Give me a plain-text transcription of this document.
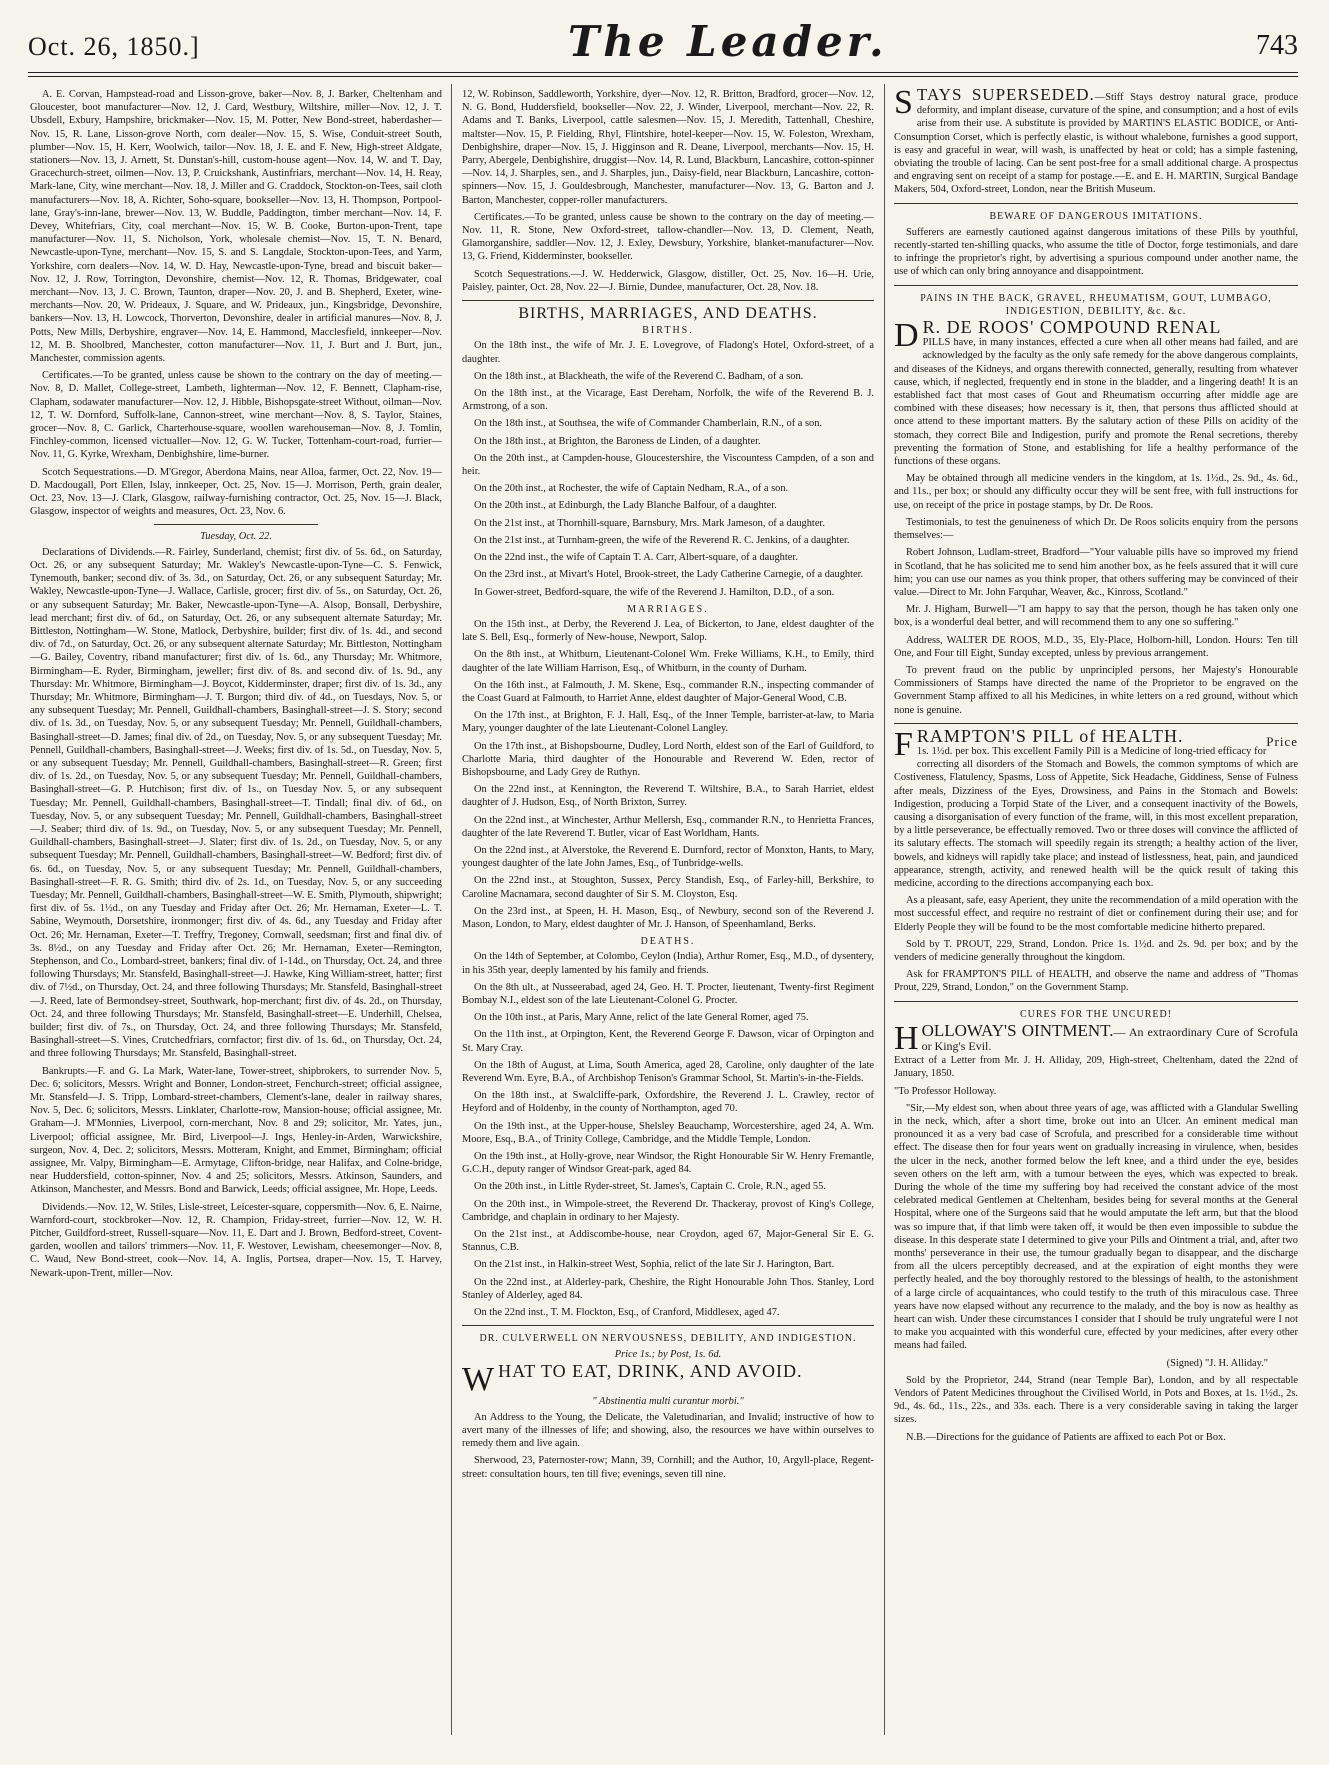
Oct. 26, 1850.]	The Leader.	743

A. E. Corvan, Hampstead-road and Lisson-grove, baker—Nov. 8, J. Barker, Cheltenham and Gloucester, boot manufacturer—Nov. 12, J. Card, Westbury, Wiltshire, miller—Nov. 12, J. T. Ubsdell, Exbury, Hampshire, brickmaker—Nov. 15, M. Potter, New Bond-street, haberdasher—Nov. 15, R. Lane, Lisson-grove North, corn dealer—Nov. 15, S. Wise, Conduit-street South, plumber—Nov. 15, H. Kerr, Woolwich, tailor—Nov. 18, J. E. and F. New, High-street Aldgate, stationers—Nov. 13, J. Arnett, St. Dunstan's-hill, custom-house agent—Nov. 14, W. and T. Day, Gracechurch-street, oilmen—Nov. 13, P. Cruickshank, Austinfriars, merchant—Nov. 14, H. Reay, Mark-lane, City, wine merchant—Nov. 18, J. Miller and G. Craddock, Stockton-on-Tees, sail cloth manufacturers—Nov. 18, A. Richter, Soho-square, bookseller—Nov. 13, H. Thompson, Portpool-lane, Gray's-inn-lane, brewer—Nov. 13, W. Buddle, Paddington, timber merchant—Nov. 14, F. Devey, Whitefriars, City, coal merchant—Nov. 15, W. B. Cooke, Burton-upon-Trent, tape manufacturer—Nov. 11, S. Nicholson, York, wholesale chemist—Nov. 15, T. N. Benard, Newcastle-upon-Tyne, merchant—Nov. 15, S. and S. Langdale, Stockton-upon-Tees, and Yarm, Yorkshire, corn dealers—Nov. 14, W. D. Hay, Newcastle-upon-Tyne, bread and biscuit baker—Nov. 12, J. Row, Torrington, Devonshire, chemist—Nov. 12, R. Thomas, Bridgewater, coal merchant—Nov. 13, J. C. Brown, Taunton, draper—Nov. 20, J. and B. Shepherd, Exeter, wine-merchants—Nov. 20, W. Prideaux, J. Square, and W. Prideaux, jun., Kingsbridge, Devonshire, bankers—Nov. 13, H. Lowcock, Thorverton, Devonshire, dealer in artificial manures—Nov. 8, J. Potts, New Mills, Derbyshire, engraver—Nov. 14, E. Hammond, Macclesfield, innkeeper—Nov. 12, M. B. Shoolbred, Manchester, cotton manufacturer—Nov. 11, J. Burt and J. Burt, jun., Manchester, commission agents.

Certificates.—To be granted, unless cause be shown to the contrary on the day of meeting.—Nov. 8, D. Mallet, College-street, Lambeth, lighterman—Nov. 12, F. Bennett, Clapham-rise, Clapham, sodawater manufacturer—Nov. 12, J. Hibble, Bishopsgate-street Without, oilman—Nov. 12, T. W. Dornford, Suffolk-lane, Cannon-street, wine merchant—Nov. 8, S. Taylor, Staines, grocer—Nov. 8, C. Garlick, Charterhouse-square, woollen warehouseman—Nov. 8, J. Tomlin, Finchley-common, licensed victualler—Nov. 12, G. W. Tucker, Tottenham-court-road, furrier—Nov. 11, G. Kyrke, Wrexham, Denbighshire, lime-burner.

Scotch Sequestrations.—D. M'Gregor, Aberdona Mains, near Alloa, farmer, Oct. 22, Nov. 19—D. Macdougall, Port Ellen, Islay, innkeeper, Oct. 25, Nov. 15—J. Morrison, Perth, grain dealer, Oct. 23, Nov. 13—J. Clark, Glasgow, railway-furnishing contractor, Oct. 25, Nov. 15—J. Black, Glasgow, inspector of weights and measures, Oct. 23, Nov. 6.

Tuesday, Oct. 22.

Declarations of Dividends.—R. Fairley, Sunderland, chemist; first div. of 5s. 6d., on Saturday, Oct. 26, or any subsequent Saturday; Mr. Wakley's Newcastle-upon-Tyne—C. S. Fenwick, Tynemouth, banker; second div. of 3s. 3d., on Saturday, Oct. 26, or any subsequent Saturday; Mr. Wakley, Newcastle-upon-Tyne—J. Wallace, Carlisle, grocer; first div. of 5s., on Saturday, Oct. 26, or any subsequent Saturday; Mr. Baker, Newcastle-upon-Tyne—A. Alsop, Bonsall, Derbyshire, lead merchant; first div. of 6d., on Saturday, Oct. 26, or any subsequent alternate Saturday; Mr. Bittleston, Nottingham—W. Stone, Matlock, Derbyshire, builder; first div. of 1s. 4d., and second div. of 7d., on Saturday, Oct. 26, or any subsequent alternate Saturday; Mr. Bittleston, Nottingham—G. Bailey, Coventry, riband manufacturer; first div. of 1s. 6d., any Thursday; Mr. Whitmore, Birmingham—E. Ryder, Birmingham, jeweller; first div. of 8s. and second div. of 1s. 9d., any Thursday: Mr. Whitmore, Birmingham—J. Boycot, Kidderminster, draper; first div. of 1s. 3d., any Thursday; Mr. Whitmore, Birmingham—J. T. Burgon; third div. of 4d., on Tuesdays, Nov. 5, or any subsequent Tuesday; Mr. Pennell, Guildhall-chambers, Basinghall-street—J. S. Story; second div. of 1s. 3d., on Tuesday, Nov. 5, or any subsequent Tuesday; Mr. Pennell, Guildhall-chambers, Basinghall-street—D. James; final div. of 2d., on Tuesday, Nov. 5, or any subsequent Tuesday; Mr. Pennell, Guildhall-chambers, Basinghall-street—J. Weeks; first div. of 1s. 5d., on Tuesday, Nov. 5, or any subsequent Tuesday; Mr. Pennell, Guildhall-chambers, Basinghall-street—R. Green; first div. of 1s. 2d., on Tuesday, Nov. 5, or any subsequent Tuesday; Mr. Pennell, Guildhall-chambers, Basinghall-street—G. P. Hutchison; first div. of 1s., on Tuesday Nov. 5, or any subsequent Tuesday; Mr. Pennell, Guildhall-chambers, Basinghall-street—T. Tindall; final div. of 6d., on Tuesday, Nov. 5, or any subsequent Tuesday; Mr. Pennell, Guildhall-chambers, Basinghall-street—J. Seaber; third div. of 1s. 9d., on Tuesday, Nov. 5, or any subsequent Tuesday; Mr. Pennell, Guildhall-chambers, Basinghall-street—J. Slater; first div. of 1s. 2d., on Tuesday, Nov. 5, or any subsequent Tuesday; Mr. Pennell, Guildhall-chambers, Basinghall-street—W. Bedford; first div. of 6s. 6d., on Tuesday, Nov. 5, or any subsequent Tuesday; Mr. Pennell, Guildhall-chambers, Basinghall-street—F. R. G. Smith; third div. of 2s. 1d., on Tuesday, Nov. 5, or any succeeding Tuesday; Mr. Pennell, Guildhall-chambers, Basinghall-street—W. E. Smith, Plymouth, shipwright; first div. of 5s. 1½d., on any Tuesday and Friday after Oct. 26; Mr. Hernaman, Exeter—L. T. Sabine, Weymouth, Dorsetshire, ironmonger; first div. of 4s. 6d., any Tuesday and Friday after Oct. 26; Mr. Hernaman, Exeter—T. Treffry, Tregoney, Cornwall, seedsman; first and final div. of 3s. 8½d., on any Tuesday and Friday after Oct. 26; Mr. Hernaman, Exeter—Remington, Stephenson, and Co., Lombard-street, bankers; final div. of 1-14d., on Thursday, Oct. 24, and three following Thursdays; Mr. Stansfeld, Basinghall-street—J. Hawke, King William-street, hatter; first div. of 7½d., on Thursday, Oct. 24, and three following Thursdays; Mr. Stansfeld, Basinghall-street—J. Reed, late of Bermondsey-street, Southwark, hop-merchant; first div. of 4s. 2d., on Thursday, Oct. 24, and three following Thursdays; Mr. Stansfeld, Basinghall-street—E. Underhill, Chelsea, builder; first div. of 7s., on Thursday, Oct. 24, and three following Thursdays; Mr. Stansfeld, Basinghall-street—S. Vines, Crutchedfriars, cornfactor; first div. of 1s. 6d., on Thursday, Oct. 24, and three following Thursdays; Mr. Stansfeld, Basinghall-street.

Bankrupts.—F. and G. La Mark, Water-lane, Tower-street, shipbrokers, to surrender Nov. 5, Dec. 6; solicitors, Messrs. Wright and Bonner, London-street, Fenchurch-street; official assignee, Mr. Stansfeld—J. S. Tripp, Lombard-street-chambers, Clement's-lane, dealer in railway shares, Nov. 5, Dec. 6; solicitors, Messrs. Linklater, Charlotte-row, Mansion-house; official assignee, Mr. Graham—J. M'Monnies, Liverpool, corn-merchant, Nov. 8 and 29; solicitor, Mr. Yates, jun., Liverpool; official assignee, Mr. Bird, Liverpool—J. Ings, Henley-in-Arden, Warwickshire, surgeon, Nov. 4, Dec. 2; solicitors, Messrs. Motteram, Knight, and Emmet, Birmingham; official assignee, Mr. Valpy, Birmingham—E. Armytage, Clifton-bridge, near Halifax, and Colne-bridge, near Huddersfield, cotton-spinner, Nov. 4 and 25; solicitors, Messrs. Atkinson, Saunders, and Atkinson, Manchester, and Messrs. Bond and Barwick, Leeds; official assignee, Mr. Hope, Leeds.

Dividends.—Nov. 12, W. Stiles, Lisle-street, Leicester-square, coppersmith—Nov. 6, E. Nairne, Warnford-court, stockbroker—Nov. 12, R. Champion, Friday-street, furrier—Nov. 12, W. H. Pitcher, Guildford-street, Russell-square—Nov. 11, E. Dart and J. Brown, Bedford-street, Covent-garden, woollen and tailors' trimmers—Nov. 11, F. Westover, Lewisham, cheesemonger—Nov. 8, C. Waud, New Bond-street, cook—Nov. 14, A. Inglis, Portsea, draper—Nov. 15, T. Harvey, Newark-upon-Trent, miller—Nov.

12, W. Robinson, Saddleworth, Yorkshire, dyer—Nov. 12, R. Britton, Bradford, grocer—Nov. 12, N. G. Bond, Huddersfield, bookseller—Nov. 22, J. Winder, Liverpool, merchant—Nov. 22, R. Adams and T. Banks, Liverpool, cattle salesmen—Nov. 15, J. Meredith, Tattenhall, Cheshire, maltster—Nov. 15, P. Fielding, Rhyl, Flintshire, hotel-keeper—Nov. 15, W. Foleston, Wrexham, Denbighshire, draper—Nov. 15, J. Higginson and R. Deane, Liverpool, merchants—Nov. 15, H. Parry, Abergele, Denbighshire, druggist—Nov. 14, R. Lund, Blackburn, Lancashire, cotton-spinner—Nov. 14, J. Sharples, sen., and J. Sharples, jun., Daisy-field, near Blackburn, Lancashire, cotton-spinners—Nov. 15, J. Gouldesbrough, Manchester, manufacturer—Nov. 13, G. Barton and J. Barton, Manchester, copper-roller manufacturers.

Certificates.—To be granted, unless cause be shown to the contrary on the day of meeting.—Nov. 11, R. Stone, New Oxford-street, tallow-chandler—Nov. 13, D. Clement, Neath, Glamorganshire, saddler—Nov. 12, J. Exley, Dewsbury, Yorkshire, blanket-manufacturer—Nov. 13, G. Friend, Kidderminster, bookseller.

Scotch Sequestrations.—J. W. Hedderwick, Glasgow, distiller, Oct. 25, Nov. 16—H. Urie, Paisley, painter, Oct. 28, Nov. 22—J. Birnie, Dundee, manufacturer, Oct. 28, Nov. 18.

BIRTHS, MARRIAGES, AND DEATHS.
BIRTHS.

On the 18th inst., the wife of Mr. J. E. Lovegrove, of Fladong's Hotel, Oxford-street, of a daughter.

On the 18th inst., at Blackheath, the wife of the Reverend C. Badham, of a son.

On the 18th inst., at the Vicarage, East Dereham, Norfolk, the wife of the Reverend B. J. Armstrong, of a son.

On the 18th inst., at Southsea, the wife of Commander Chamberlain, R.N., of a son.

On the 18th inst., at Brighton, the Baroness de Linden, of a daughter.

On the 20th inst., at Campden-house, Gloucestershire, the Viscountess Campden, of a son and heir.

On the 20th inst., at Rochester, the wife of Captain Nedham, R.A., of a son.

On the 20th inst., at Edinburgh, the Lady Blanche Balfour, of a daughter.

On the 21st inst., at Thornhill-square, Barnsbury, Mrs. Mark Jameson, of a daughter.

On the 21st inst., at Turnham-green, the wife of the Reverend R. C. Jenkins, of a daughter.

On the 22nd inst., the wife of Captain T. A. Carr, Albert-square, of a daughter.

On the 23rd inst., at Mivart's Hotel, Brook-street, the Lady Catherine Carnegie, of a daughter.

In Gower-street, Bedford-square, the wife of the Reverend J. Hamilton, D.D., of a son.

MARRIAGES.

On the 15th inst., at Derby, the Reverend J. Lea, of Bickerton, to Jane, eldest daughter of the late S. Bell, Esq., formerly of New-house, Newport, Salop.

On the 8th inst., at Whitburn, Lieutenant-Colonel Wm. Freke Williams, K.H., to Emily, third daughter of the late William Harrison, Esq., of Whitburn, in the county of Durham.

On the 16th inst., at Falmouth, J. M. Skene, Esq., commander R.N., inspecting commander of the Coast Guard at Falmouth, to Harriet Anne, eldest daughter of Major-General Wood, C.B.

On the 17th inst., at Brighton, F. J. Hall, Esq., of the Inner Temple, barrister-at-law, to Maria Mary, younger daughter of the late Lieutenant-Colonel Langley.

On the 17th inst., at Bishopsbourne, Dudley, Lord North, eldest son of the Earl of Guildford, to Charlotte Maria, third daughter of the Honourable and Reverend W. Eden, rector of Bishopsbourne, and Lady Grey de Ruthyn.

On the 22nd inst., at Kennington, the Reverend T. Wiltshire, B.A., to Sarah Harriet, eldest daughter of J. Hudson, Esq., of North Brixton, Surrey.

On the 22nd inst., at Winchester, Arthur Mellersh, Esq., commander R.N., to Henrietta Frances, daughter of the late Reverend T. Butler, vicar of East Worldham, Hants.

On the 22nd inst., at Alverstoke, the Reverend E. Durnford, rector of Monxton, Hants, to Mary, youngest daughter of the late John James, Esq., of Tunbridge-wells.

On the 22nd inst., at Stoughton, Sussex, Percy Standish, Esq., of Farley-hill, Berkshire, to Caroline Macnamara, second daughter of Sir S. M. Cloyston, Esq.

On the 23rd inst., at Speen, H. H. Mason, Esq., of Newbury, second son of the Reverend J. Mason, London, to Mary, eldest daughter of Mr. J. Hanson, of Speenhamland, Berks.

DEATHS.

On the 14th of September, at Colombo, Ceylon (India), Arthur Romer, Esq., M.D., of dysentery, in his 35th year, deeply lamented by his family and friends.

On the 8th ult., at Nusseerabad, aged 24, Geo. H. T. Procter, lieutenant, Twenty-first Regiment Bombay N.I., eldest son of the late Lieutenant-Colonel G. Procter.

On the 10th inst., at Paris, Mary Anne, relict of the late General Romer, aged 75.

On the 11th inst., at Orpington, Kent, the Reverend George F. Dawson, vicar of Orpington and St. Mary Cray.

On the 18th of August, at Lima, South America, aged 28, Caroline, only daughter of the late Reverend Wm. Eyre, B.A., of Archbishop Tenison's Grammar School, St. Martin's-in-the-Fields.

On the 18th inst., at Swalcliffe-park, Oxfordshire, the Reverend J. L. Crawley, rector of Heyford and of Holdenby, in the county of Northampton, aged 70.

On the 19th inst., at the Upper-house, Shelsley Beauchamp, Worcestershire, aged 24, A. Wm. Moore, Esq., B.A., of Trinity College, Cambridge, and the Middle Temple, London.

On the 19th inst., at Holly-grove, near Windsor, the Right Honourable Sir W. Henry Fremantle, G.C.H., deputy ranger of Windsor Great-park, aged 84.

On the 20th inst., in Little Ryder-street, St. James's, Captain C. Crole, R.N., aged 55.

On the 20th inst., in Wimpole-street, the Reverend Dr. Thackeray, provost of King's College, Cambridge, and chaplain in ordinary to her Majesty.

On the 21st inst., at Addiscombe-house, near Croydon, aged 67, Major-General Sir E. G. Stannus, C.B.

On the 21st inst., in Halkin-street West, Sophia, relict of the late Sir J. Harington, Bart.

On the 22nd inst., at Alderley-park, Cheshire, the Right Honourable John Thos. Stanley, Lord Stanley of Alderley, aged 84.

On the 22nd inst., T. M. Flockton, Esq., of Cranford, Middlesex, aged 47.

DR. CULVERWELL ON NERVOUSNESS, DEBILITY, AND INDIGESTION.
Price 1s.; by Post, 1s. 6d.
WHAT TO EAT, DRINK, AND AVOID.
" Abstinentia multi curantur morbi."

An Address to the Young, the Delicate, the Valetudinarian, and Invalid; instructive of how to avert many of the illnesses of life; and showing, also, the resources we have within ourselves to remedy them and live again.

Sherwood, 23, Paternoster-row; Mann, 39, Cornhill; and the Author, 10, Argyll-place, Regent-street: consultation hours, ten till five; evenings, seven till nine.

STAYS SUPERSEDED.—Stiff Stays destroy natural grace, produce deformity, and implant disease, curvature of the spine, and consumption; and a host of evils arise from their use. A substitute is provided by MARTIN'S ELASTIC BODICE, or Anti-Consumption Corset, which is perfectly elastic, is without whalebone, furnishes a good support, is easy and graceful in wear, will wash, is unaffected by heat or cold; has a simple fastening, obviating the trouble of lacing. Can be sent post-free for a small additional charge. A prospectus and engraving sent on receipt of a stamp for postage.—E. and E. H. MARTIN, Surgical Bandage Makers, 504, Oxford-street, London, near the British Museum.
BEWARE OF DANGEROUS IMITATIONS.

Sufferers are earnestly cautioned against dangerous imitations of these Pills by youthful, recently-started ten-shilling quacks, who assume the title of Doctor, forge testimonials, and dare to infringe the proprietor's right, by advertising a spurious compound under another name, the use of which can only bring annoyance and disappointment.

PAINS IN THE BACK, GRAVEL, RHEUMATISM, GOUT, LUMBAGO, INDIGESTION, DEBILITY, &c. &c.
D R. DE ROOS' COMPOUND RENAL

PILLS have, in many instances, effected a cure when all other means had failed, and are acknowledged by the faculty as the only safe remedy for the above dangerous complaints, and diseases of the Kidneys, and organs therewith connected, generally, resulting from whatever cause, which, if neglected, frequently end in stone in the bladder, and a lingering death! It is an established fact that most cases of Gout and Rheumatism occurring after middle age are combined with these diseases; how necessary is it, then, that persons thus afflicted should at once attend to these important matters. By the salutary action of these Pills on acidity of the stomach, they correct Bile and Indigestion, purify and promote the Renal secretions, thereby preventing the formation of Stone, and establishing for life a healthy performance of the functions of these organs.

May be obtained through all medicine venders in the kingdom, at 1s. 1½d., 2s. 9d., 4s. 6d., and 11s., per box; or should any difficulty occur they will be sent free, with full instructions for use, on receipt of the price in postage stamps, by Dr. De Roos.

Testimonials, to test the genuineness of which Dr. De Roos solicits enquiry from the persons themselves:—

Robert Johnson, Ludlam-street, Bradford—"Your valuable pills have so improved my friend in Scotland, that he has solicited me to send him another box, as he feels assured that it will cure him; you can use our names as you think proper, that others suffering may be convinced of their value.—Direct to Mr. John Farquhar, Weaver, &c., Kinross, Scotland."

Mr. J. Higham, Burwell—"I am happy to say that the person, though he has taken only one box, is a wonderful deal better, and will recommend them to any one so suffering."

Address, WALTER DE ROOS, M.D., 35, Ely-Place, Holborn-hill, London. Hours: Ten till One, and Four till Eight, Sunday excepted, unless by previous arrangement.

To prevent fraud on the public by unprincipled persons, her Majesty's Honourable Commissioners of Stamps have directed the name of the Proprietor to be engraved on the Government Stamp affixed to all his Medicines, in white letters on a red ground, without which none is genuine.

FRAMPTON'S PILL of HEALTH.	Price

1s. 1½d. per box. This excellent Family Pill is a Medicine of long-tried efficacy for correcting all disorders of the Stomach and Bowels, the common symptoms of which are Costiveness, Flatulency, Spasms, Loss of Appetite, Sick Headache, Giddiness, Sense of Fulness after meals, Dizziness of the Eyes, Drowsiness, and Pains in the Stomach and Bowels: Indigestion, producing a Torpid State of the Liver, and a consequent inactivity of the Bowels, causing a disorganisation of every function of the frame, will, in this most excellent preparation, by a little perseverance, be effectually removed. Two or three doses will convince the afflicted of its salutary effects. The stomach will speedily regain its strength; a healthy action of the liver, bowels, and kidneys will rapidly take place; and instead of listlessness, heat, pain, and jaundiced appearance, strength, activity, and renewed health will be the quick result of taking this medicine, according to the directions accompanying each box.

As a pleasant, safe, easy Aperient, they unite the recommendation of a mild operation with the most successful effect, and require no restraint of diet or confinement during their use; and for Elderly People they will be found to be the most comfortable medicine hitherto prepared.

Sold by T. PROUT, 229, Strand, London. Price 1s. 1½d. and 2s. 9d. per box; and by the venders of medicine generally throughout the kingdom.

Ask for FRAMPTON'S PILL of HEALTH, and observe the name and address of "Thomas Prout, 229, Strand, London," on the Government Stamp.

CURES FOR THE UNCURED!
HOLLOWAY'S OINTMENT.— An extraordinary Cure of Scrofula or King's Evil.

Extract of a Letter from Mr. J. H. Alliday, 209, High-street, Cheltenham, dated the 22nd of January, 1850.

"To Professor Holloway.

"Sir,—My eldest son, when about three years of age, was afflicted with a Glandular Swelling in the neck, which, after a short time, broke out into an Ulcer. An eminent medical man pronounced it as a very bad case of Scrofula, and prescribed for a considerable time without effect. The disease then for four years went on gradually increasing in virulence, when, besides the ulcer in the neck, another formed below the left knee, and a third under the eye, besides seven others on the left arm, with a tumour between the eyes, which was expected to break. During the whole of the time my suffering boy had received the constant advice of the most celebrated medical Gentlemen at Cheltenham, besides being for several months at the General Hospital, where one of the Surgeons said that he would amputate the left arm, but that the blood was so impure that, if that limb were taken off, it would be then even impossible to subdue the disease. In this desperate state I determined to give your Pills and Ointment a trial, and, after two months' perseverance in their use, the tumour gradually began to disappear, and the discharge from all the ulcers perceptibly decreased, and at the expiration of eight months they were perfectly healed, and the boy thoroughly restored to the blessings of health, to the astonishment of a large circle of acquaintances, who could testify to the truth of this miraculous case. Three years have now elapsed without any recurrence to the malady, and the boy is now as healthy as heart can wish. Under these circumstances I consider that I should be truly ungrateful were I not to make you acquainted with this wonderful cure, effected by your medicines, after every other means had failed.

(Signed) "J. H. Alliday."

Sold by the Proprietor, 244, Strand (near Temple Bar), London, and by all respectable Vendors of Patent Medicines throughout the Civilised World, in Pots and Boxes, at 1s. 1½d., 2s. 9d., 4s. 6d., 11s., 22s., and 33s. each. There is a very considerable saving in taking the larger sizes.

N.B.—Directions for the guidance of Patients are affixed to each Pot or Box.
